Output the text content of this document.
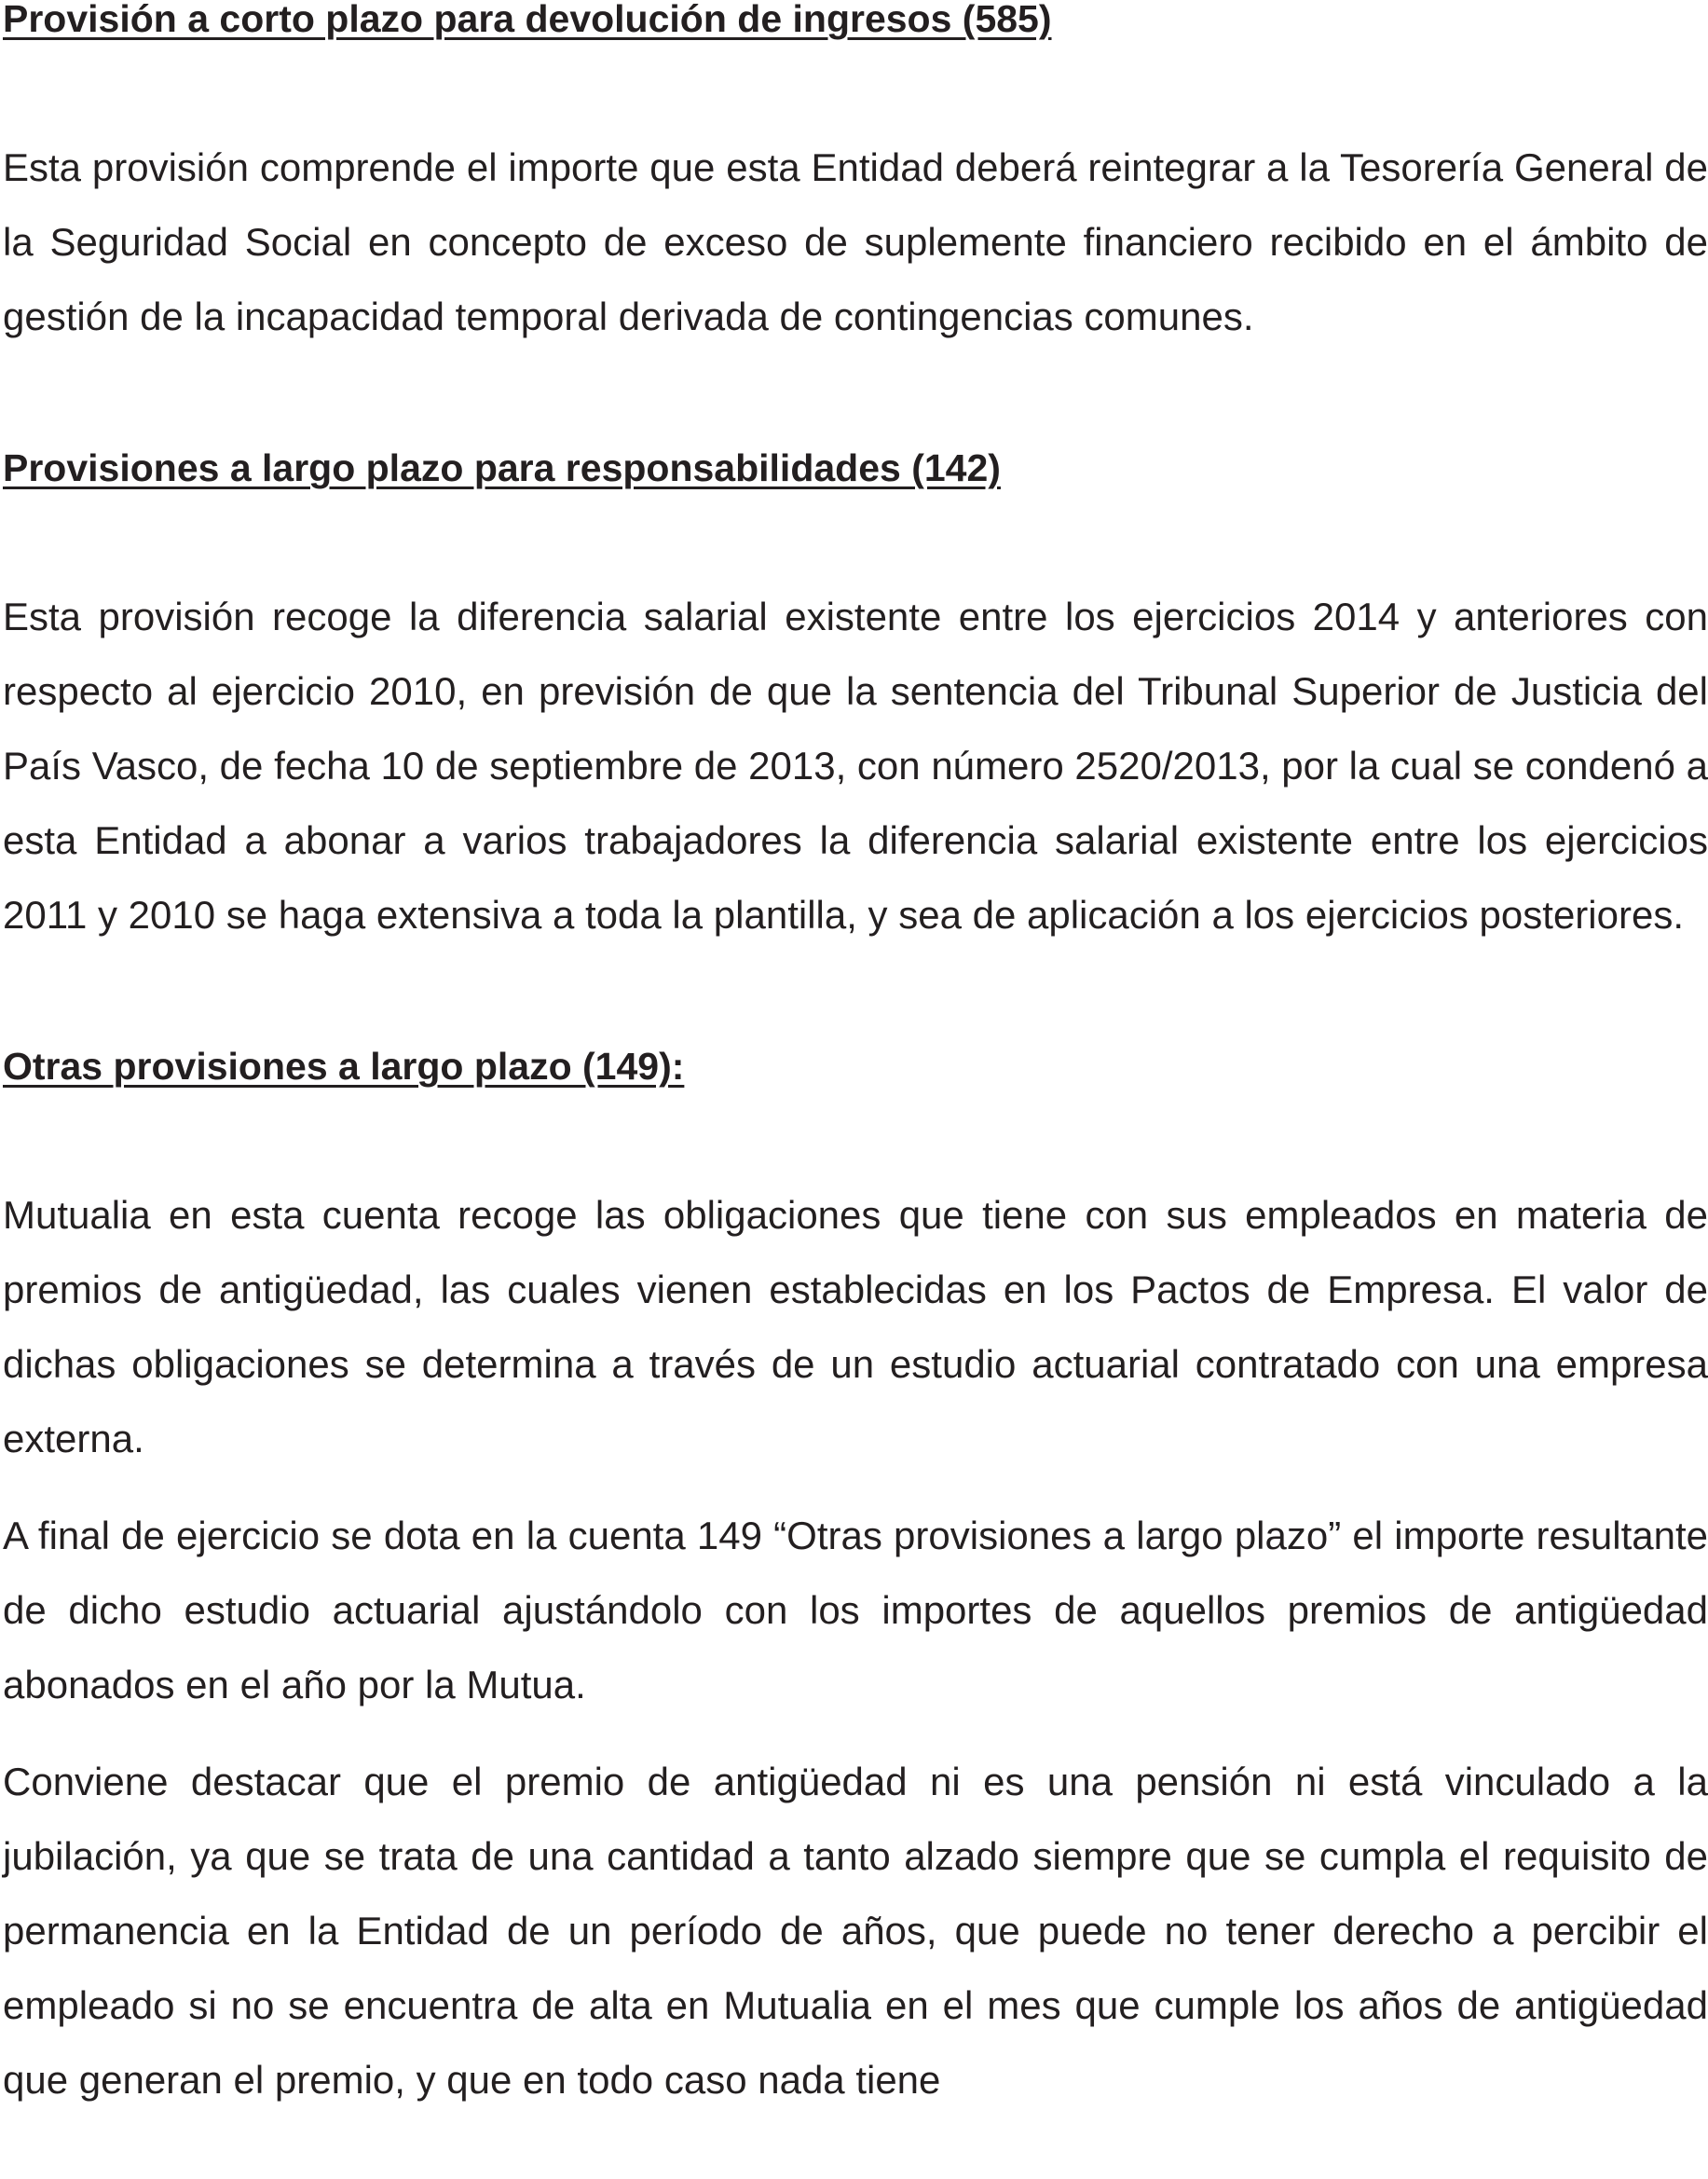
Provisión a corto plazo para devolución de ingresos (585)

Esta provisión comprende el importe que esta Entidad deberá reintegrar a la Tesorería General de la Seguridad Social en concepto de exceso de suplemente financiero recibido en el ámbito de gestión de la incapacidad temporal derivada de contingencias comunes.

Provisiones a largo plazo para responsabilidades (142)

Esta provisión recoge la diferencia salarial existente entre los ejercicios 2014 y anteriores con respecto al ejercicio 2010, en previsión de que la sentencia del Tribunal Superior de Justicia del País Vasco, de fecha 10 de septiembre de 2013, con número 2520/2013, por la cual se condenó a esta Entidad a abonar a varios trabajadores la diferencia salarial existente entre los ejercicios 2011 y 2010 se haga extensiva a toda la plantilla, y sea de aplicación a los ejercicios posteriores.

Otras provisiones a largo plazo (149):

Mutualia en esta cuenta recoge las obligaciones que tiene con sus empleados en materia de premios de antigüedad, las cuales vienen establecidas en los Pactos de Empresa. El valor de dichas obligaciones se determina a través de un estudio actuarial contratado con una empresa externa.

A final de ejercicio se dota en la cuenta 149 “Otras provisiones a largo plazo” el importe resultante de dicho estudio actuarial ajustándolo con los importes de aquellos premios de antigüedad abonados en el año por la Mutua.

Conviene destacar que el premio de antigüedad ni es una pensión ni está vinculado a la jubilación, ya que se trata de una cantidad a tanto alzado siempre que se cumpla el requisito de permanencia en la Entidad de un período de años, que puede no tener derecho a percibir el empleado si no se encuentra de alta en Mutualia en el mes que cumple los años de antigüedad que generan el premio, y que en todo caso nada tiene
